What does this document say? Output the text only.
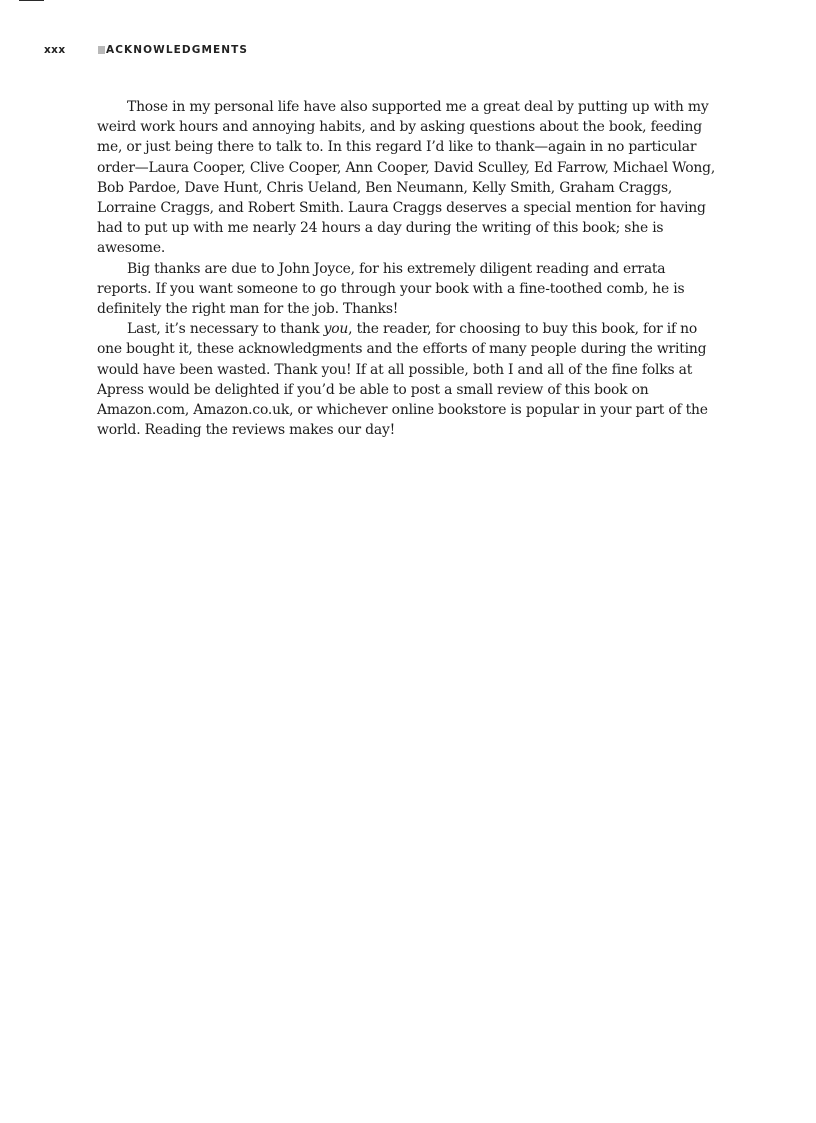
xxx	ACKNOWLEDGMENTS

Those in my personal life have also supported me a great deal by putting up with my weird work hours and annoying habits, and by asking questions about the book, feeding me, or just being there to talk to. In this regard I’d like to thank—again in no particular order—Laura Cooper, Clive Cooper, Ann Cooper, David Sculley, Ed Farrow, Michael Wong, Bob Pardoe, Dave Hunt, Chris Ueland, Ben Neumann, Kelly Smith, Graham Craggs, Lorraine Craggs, and Robert Smith. Laura Craggs deserves a special mention for having had to put up with me nearly 24 hours a day during the writing of this book; she is awesome.

Big thanks are due to John Joyce, for his extremely diligent reading and errata reports. If you want someone to go through your book with a fine-toothed comb, he is definitely the right man for the job. Thanks!

Last, it’s necessary to thank you, the reader, for choosing to buy this book, for if no one bought it, these acknowledgments and the efforts of many people during the writing would have been wasted. Thank you! If at all possible, both I and all of the fine folks at Apress would be delighted if you’d be able to post a small review of this book on Amazon.com, Amazon.co.uk, or whichever online bookstore is popular in your part of the world. Reading the reviews makes our day!
